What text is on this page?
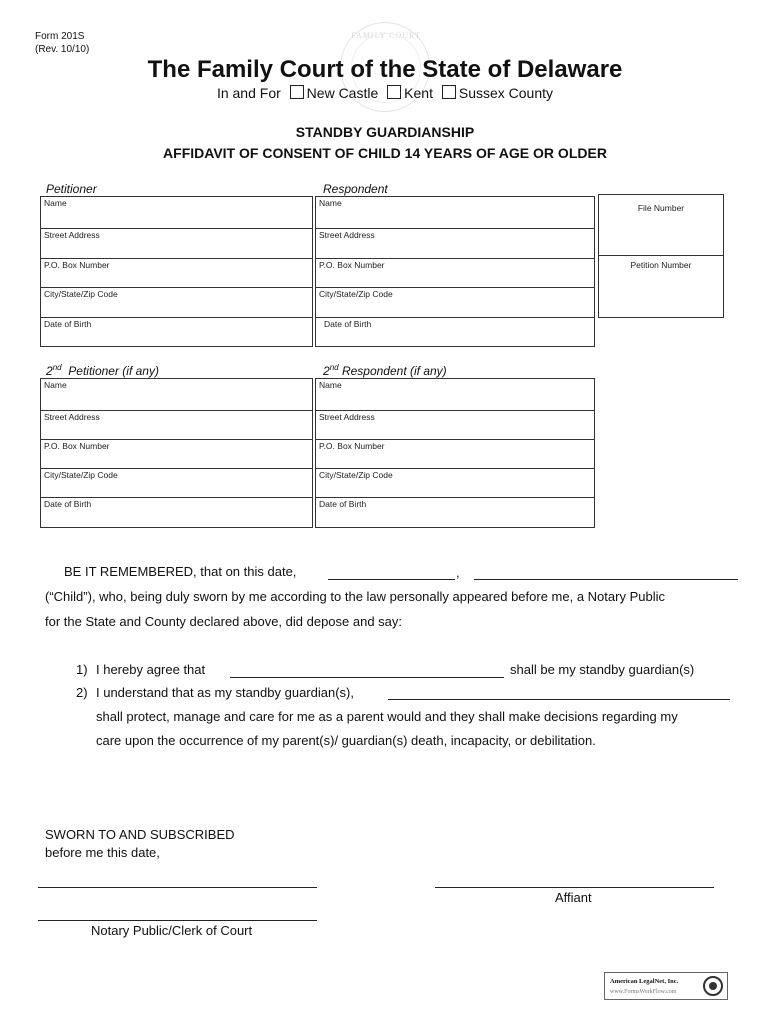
Form 201S
(Rev. 10/10)
FAMILY COURT
The Family Court of the State of Delaware
In and For New Castle Kent Sussex County
STANDBY GUARDIANSHIP
AFFIDAVIT OF CONSENT OF CHILD 14 YEARS OF AGE OR OLDER
Petitioner
Name
Street Address
P.O. Box Number
City/State/Zip Code
Date of Birth
Respondent
Name
Street Address
P.O. Box Number
City/State/Zip Code
Date of Birth
File Number
Petition Number
2nd Petitioner (if any)
Name
Street Address
P.O. Box Number
City/State/Zip Code
Date of Birth
2nd Respondent (if any)
Name
Street Address
P.O. Box Number
City/State/Zip Code
Date of Birth
BE IT REMEMBERED, that on this date,	,
(“Child”), who, being duly sworn by me according to the law personally appeared before me, a Notary Public
for the State and County declared above, did depose and say:
1) I hereby agree that	shall be my standby guardian(s)
2) I understand that as my standby guardian(s),
shall protect, manage and care for me as a parent would and they shall make decisions regarding my
care upon the occurrence of my parent(s)/ guardian(s) death, incapacity, or debilitation.
SWORN TO AND SUBSCRIBED
before me this date,
Affiant
Notary Public/Clerk of Court
American LegalNet, Inc.
www.FormsWorkFlow.com
